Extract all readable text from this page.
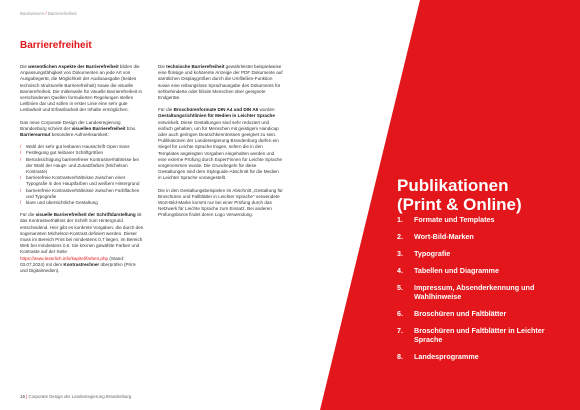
Basiswissen / Barrierefreiheit
Barrierefreiheit

Die wesentlichen Aspekte der Barrierefreiheit bilden die Anpassungsfähigkeit von Dokumenten an jede Art von Ausgabegerät, die Möglichkeit der Audioausgabe (beides technisch strukturelle Barrierefreiheit) sowie die visuelle Barrierefreiheit. Die mitlerweile für visuelle Barrierefreiheit in verschiedenen Quellen formulierten Regelungen stellen Leitlinien dar und sollen in erster Linie eine sehr gute Lesbarkeit und Erfassbarkeit der Inhalte ermöglichen.

Das neue Corporate Design der Landesregierung Brandenburg scheint der visuellen Barrierefreiheit bzw. Barrierearmut besondere Aufmerksamkeit:

/ Wahl der sehr gut lesbaren Hausschrift Open Sans
/ Festlegung gut lesbarer Schriftgrößen
/ Berücksichtigung barrierefreier Kontrastverhältnisse bei der Wahl der Haupt- und Zusatzfarben (Michelson Kontraste)
/ barrierefreie Kontrastverhältnisse zwischen einer Typografie in den Hauptfarben und weißem Hintergrund
/ barrierefreie Kontrastverhältnisse zwischen Farbflächen und Typografie
/ klare und übersichtliche Gestaltung

Für die visuelle Barrierefreiheit der Schriftdarstellung ist das Kontrastverhältnis der Schrift zum Hintergrund entscheidend. Hier gibt es konkrete Vorgaben, die durch den sogenannten Michelson-Kontrast definiert werden. Dieser muss im Bereich Print bei mindestens 0,7 liegen, im Bereich Web bei mindestens 0,6. Sie können gewählte Farben und Kontraste auf der Seite https://www.leserlich.info/kapitel/farben.php (Stand: 03.07.2024) mit dem Kontrastrechner überprüfen (Print- und Digitalmedien).

Die technische Barrierefreiheit gewährleistet beispielweise eine flüssige und kohärente Anzeige der PDF Dokumente auf sämtlichen Displaygrößen durch die Umfließen-Funktion sowie eine reibungslose Sprachausgabe des Dokuments für sehbehinderte oder blinde Menschen über geeignete Endgeräte.

Für die Broschürenformate DIN A4 und DIN A5 wurden Gestaltungsrichtlinien für Medien in Leichter Sprache entwickelt. Diese Gestaltungen sind sehr reduziert und einfach gehalten, um für Menschen mit geistigem Handicap oder auch geringen Deutschkenntnissen geeignet zu sein. Publikationen der Landesregierung Brandenburg dürfen ein Siegel für Leichte Sprache tragen, sofern die in den Templates angelegten Vorgaben eingehalten werden und eine externe Prüfung durch Expert*innen für Leichte Sprache vorgenommen wurde. Die Grundregeln für diese Gestaltungen sind dem Styleguide-Abschnitt für die Medien in Leichter Sprache vorangestellt.

Die in den Gestaltungsbeispielen im Abschnitt „Gestaltung für Broschüren und Faltblätter in Leichter Sprache" verwendete Wort-Bild-Marke kommt nur bei einer Prüfung durch das Netzwerk für Leichte Sprache zum Einsatz. Bei anderen Prüfungsbüros findet deren Logo Verwendung.

16 | Corporate Design der Landesregierung Brandenburg
Publikationen
(Print & Online)
1.	Formate und Templates
2.	Wort-Bild-Marken
3.	Typografie
4.	Tabellen und Diagramme
5.	Impressum, Absenderkennung und Wahlhinweise
6.	Broschüren und Faltblätter
7.	Broschüren und Faltblätter in Leichter Sprache
8.	Landesprogramme
